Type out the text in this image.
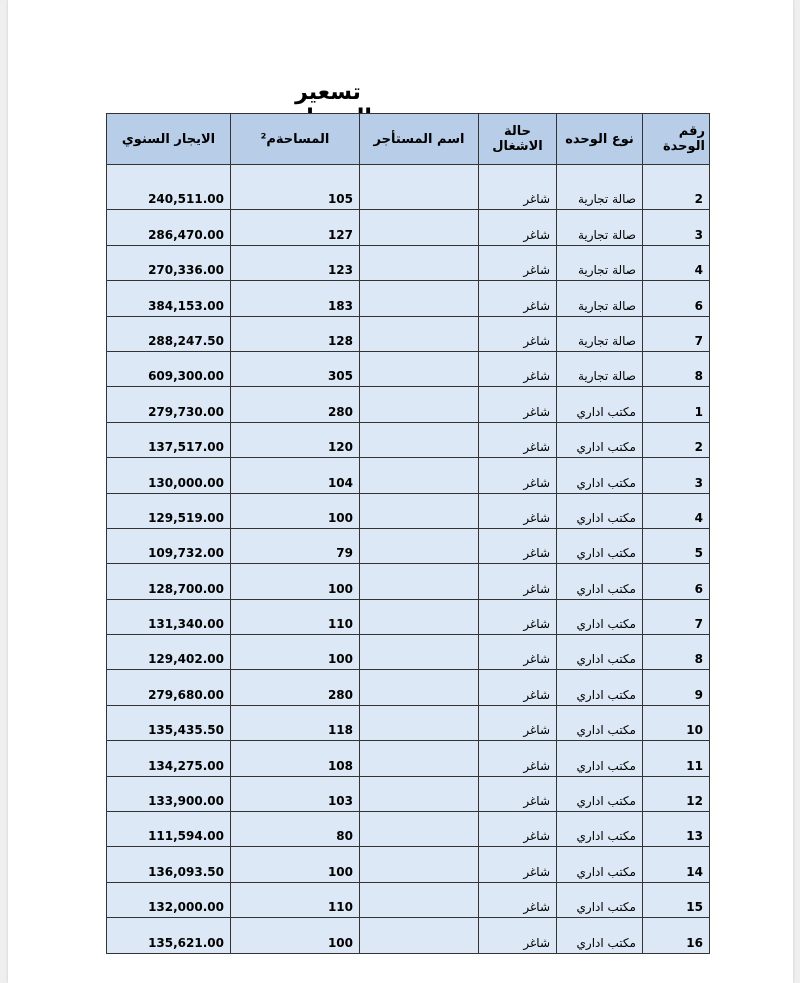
تسعير
رقم الوحدة	نوع الوحده	حالة الاشغال	اسم المستأجر	المساحةم²	الايجار السنوي

2	صالة تجارية	شاغر		105	240,511.00
3	صالة تجارية	شاغر		127	286,470.00
4	صالة تجارية	شاغر		123	270,336.00
6	صالة تجارية	شاغر		183	384,153.00
7	صالة تجارية	شاغر		128	288,247.50
8	صالة تجارية	شاغر		305	609,300.00
1	مكتب اداري	شاغر		280	279,730.00
2	مكتب اداري	شاغر		120	137,517.00
3	مكتب اداري	شاغر		104	130,000.00
4	مكتب اداري	شاغر		100	129,519.00
5	مكتب اداري	شاغر		79	109,732.00
6	مكتب اداري	شاغر		100	128,700.00
7	مكتب اداري	شاغر		110	131,340.00
8	مكتب اداري	شاغر		100	129,402.00
9	مكتب اداري	شاغر		280	279,680.00
10	مكتب اداري	شاغر		118	135,435.50
11	مكتب اداري	شاغر		108	134,275.00
12	مكتب اداري	شاغر		103	133,900.00
13	مكتب اداري	شاغر		80	111,594.00
14	مكتب اداري	شاغر		100	136,093.50
15	مكتب اداري	شاغر		110	132,000.00
16	مكتب اداري	شاغر		100	135,621.00
